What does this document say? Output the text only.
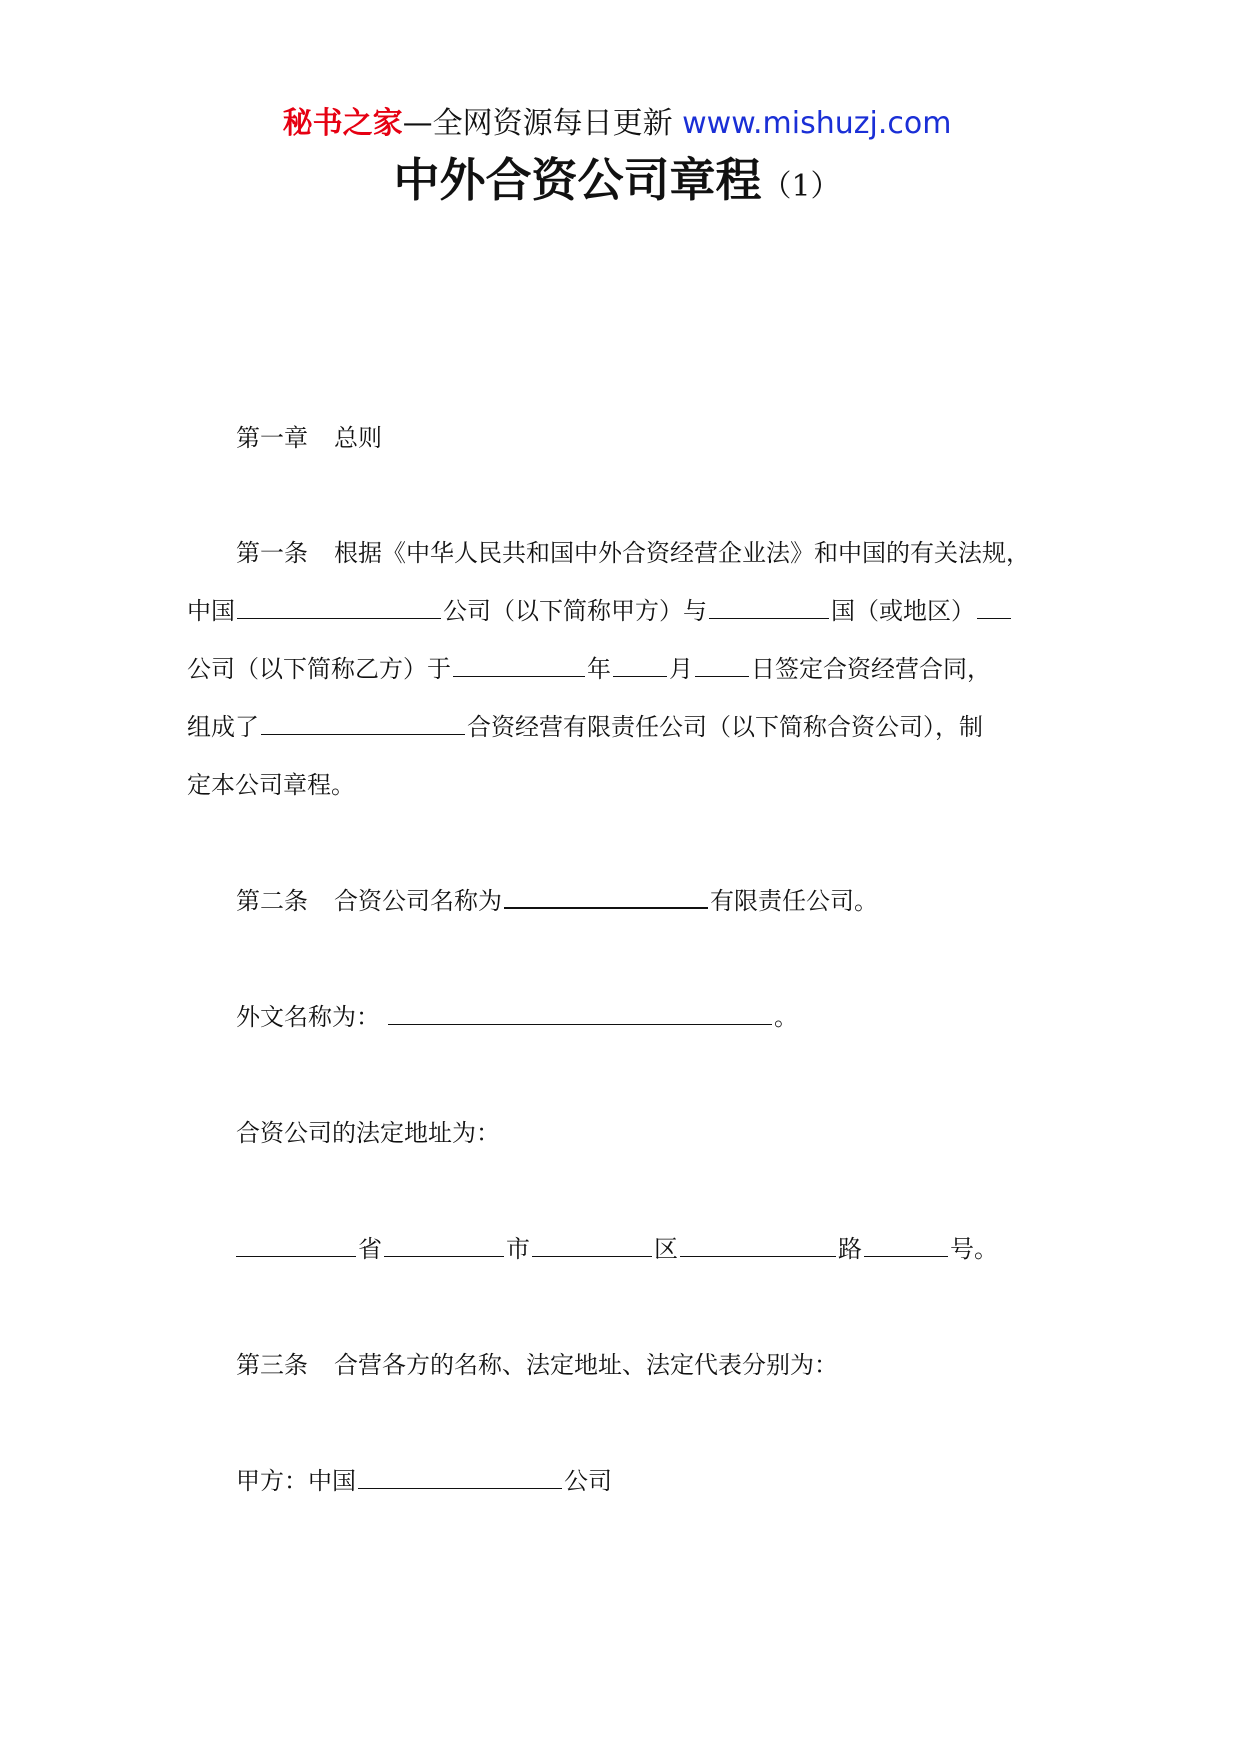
秘书之家—全网资源每日更新 www.mishuzj.com
中外合资公司章程（1）
第一章 总则
第一条 根据《中华人民共和国中外合资经营企业法》和中国的有关法规，
中国	公司（以下简称甲方）与	国（或地区）
公司（以下简称乙方）于	年 月 日签定合资经营合同，
组成了	合资经营有限责任公司（以下简称合资公司），制
定本公司章程。
第二条 合资公司名称为	有限责任公司。
外文名称为：	。
合资公司的法定地址为：
省	市	区	路	号。
第三条 合营各方的名称、法定地址、法定代表分别为：
甲方：中国	公司
